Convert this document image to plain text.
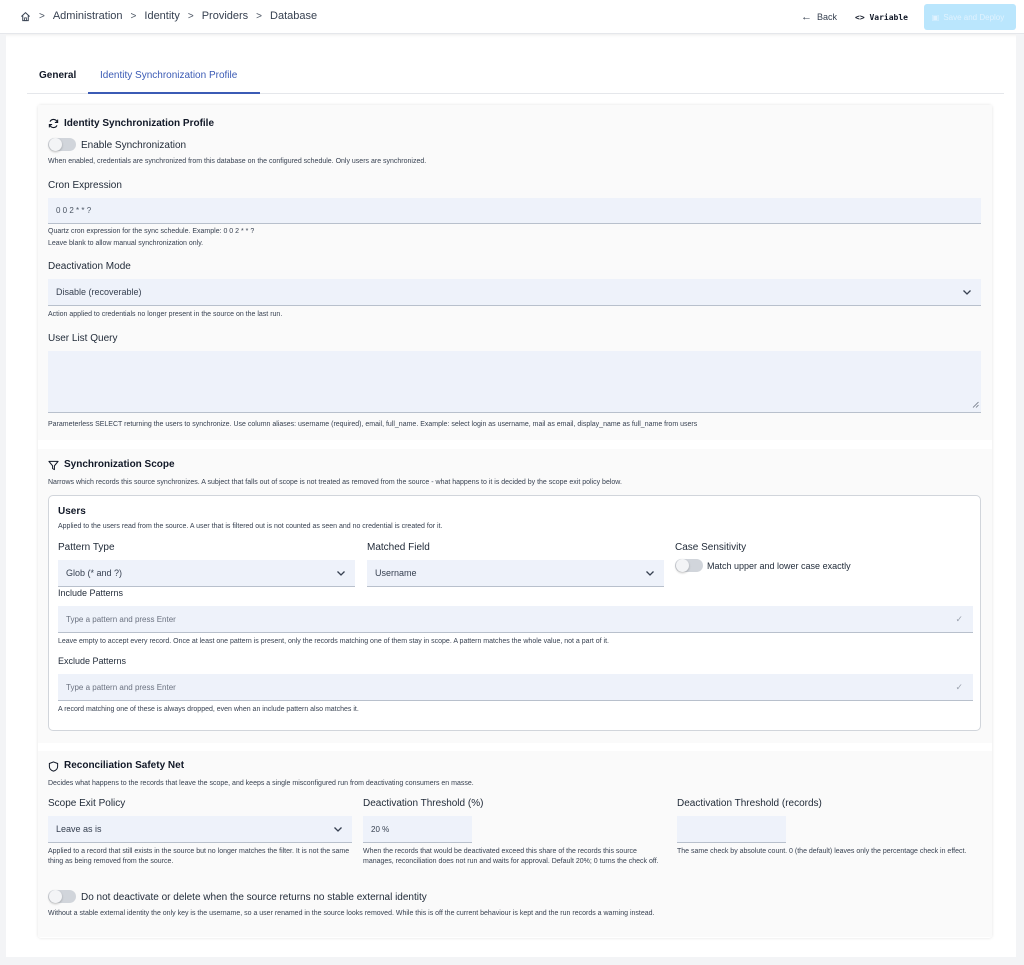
> Administration > Identity > Providers > Database	← Back <> Variable	▣ Save and Deploy
General Identity Synchronization Profile
Identity Synchronization Profile
Enable Synchronization
When enabled, credentials are synchronized from this database on the configured schedule. Only users are synchronized.
Cron Expression
0 0 2 * * ?
Quartz cron expression for the sync schedule. Example: 0 0 2 * * ?
Leave blank to allow manual synchronization only.
Deactivation Mode
Disable (recoverable)
Action applied to credentials no longer present in the source on the last run.
User List Query
Parameterless SELECT returning the users to synchronize. Use column aliases: username (required), email, full_name. Example: select login as username, mail as email, display_name as full_name from users
Synchronization Scope
Narrows which records this source synchronizes. A subject that falls out of scope is not treated as removed from the source - what happens to it is decided by the scope exit policy below.
Users
Applied to the users read from the source. A user that is filtered out is not counted as seen and no credential is created for it.
Pattern Type
Glob (* and ?)
Matched Field
Username
Case Sensitivity
Match upper and lower case exactly
Include Patterns
Type a pattern and press Enter	✓
Leave empty to accept every record. Once at least one pattern is present, only the records matching one of them stay in scope. A pattern matches the whole value, not a part of it.
Exclude Patterns
Type a pattern and press Enter	✓
A record matching one of these is always dropped, even when an include pattern also matches it.
Reconciliation Safety Net
Decides what happens to the records that leave the scope, and keeps a single misconfigured run from deactivating consumers en masse.
Scope Exit Policy
Leave as is
Applied to a record that still exists in the source but no longer matches the filter. It is not the same thing as being removed from the source.
Deactivation Threshold (%)
20 %
When the records that would be deactivated exceed this share of the records this source manages, reconciliation does not run and waits for approval. Default 20%; 0 turns the check off.
Deactivation Threshold (records)
The same check by absolute count. 0 (the default) leaves only the percentage check in effect.
Do not deactivate or delete when the source returns no stable external identity
Without a stable external identity the only key is the username, so a user renamed in the source looks removed. While this is off the current behaviour is kept and the run records a warning instead.
